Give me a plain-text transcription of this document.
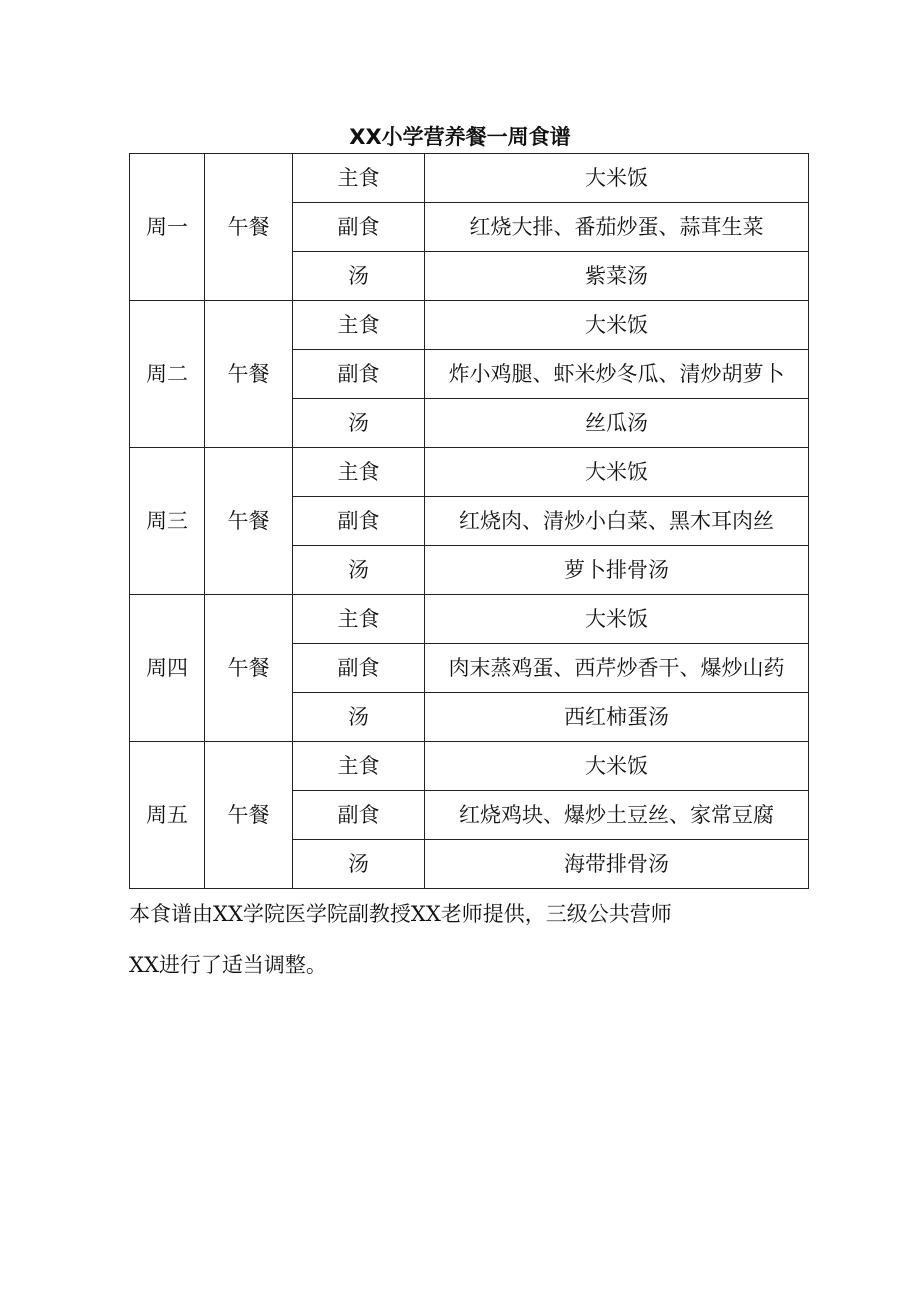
XX小学营养餐一周食谱
周一	午餐	主食	大米饭
		副食	红烧大排、番茄炒蛋、蒜茸生菜
		汤	紫菜汤
周二	午餐	主食	大米饭
		副食	炸小鸡腿、虾米炒冬瓜、清炒胡萝卜
		汤	丝瓜汤
周三	午餐	主食	大米饭
		副食	红烧肉、清炒小白菜、黑木耳肉丝
		汤	萝卜排骨汤
周四	午餐	主食	大米饭
		副食	肉末蒸鸡蛋、西芹炒香干、爆炒山药
		汤	西红柿蛋汤
周五	午餐	主食	大米饭
		副食	红烧鸡块、爆炒土豆丝、家常豆腐
		汤	海带排骨汤

本食谱由XX学院医学院副教授XX老师提供，三级公共营师

XX进行了适当调整。
